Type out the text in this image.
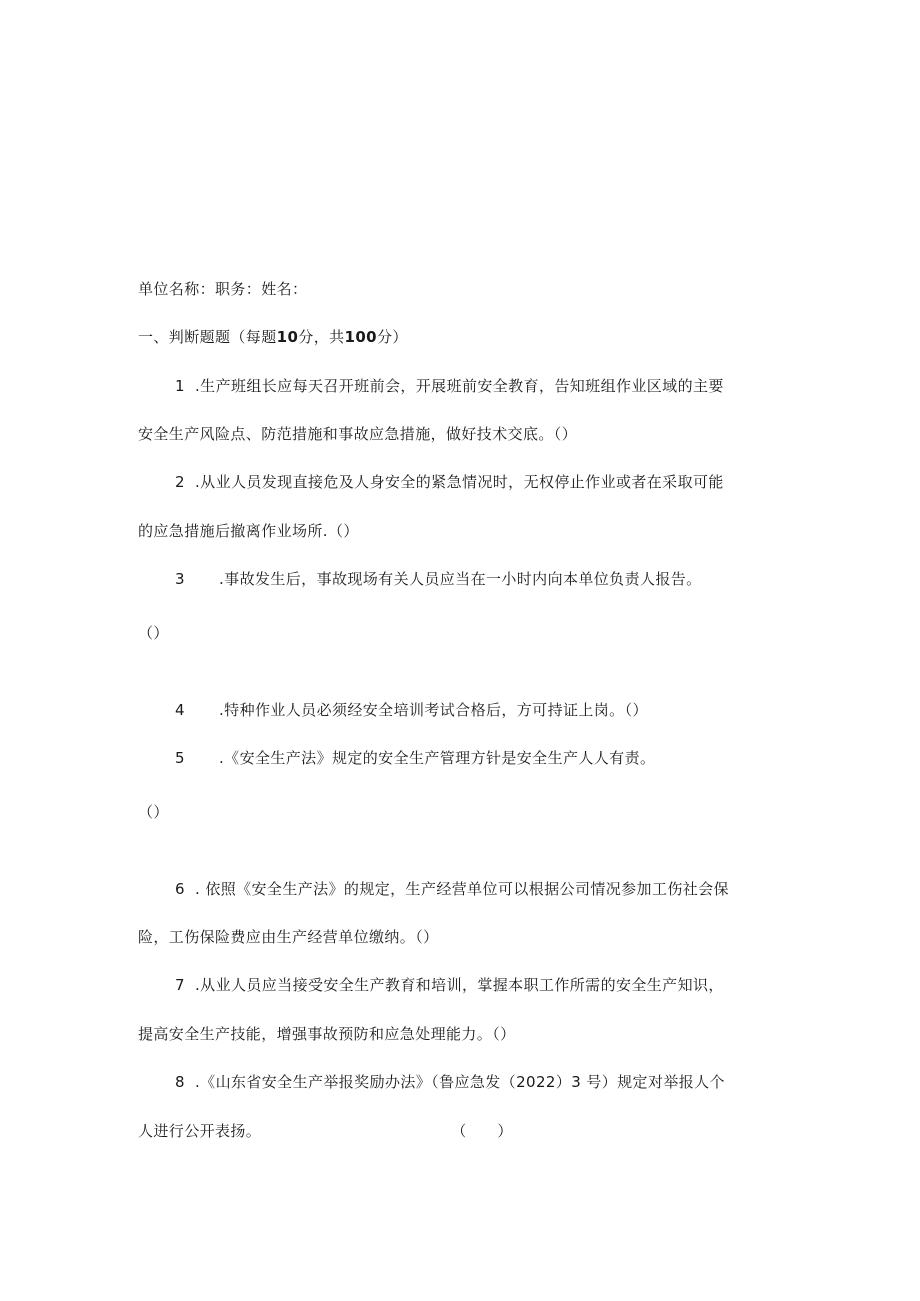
单位名称：职务：姓名：
一、判断题题（每题10分，共100分）
1 .生产班组长应每天召开班前会，开展班前安全教育，告知班组作业区域的主要
安全生产风险点、防范措施和事故应急措施，做好技术交底。（）
2 .从业人员发现直接危及人身安全的紧急情况时，无权停止作业或者在采取可能
的应急措施后撤离作业场所.（）
3 .事故发生后，事故现场有关人员应当在一小时内向本单位负责人报告。
（）
4 .特种作业人员必须经安全培训考试合格后，方可持证上岗。（）
5 .《安全生产法》规定的安全生产管理方针是安全生产人人有责。
（）
6 . 依照《安全生产法》的规定，生产经营单位可以根据公司情况参加工伤社会保
险，工伤保险费应由生产经营单位缴纳。（）
7 .从业人员应当接受安全生产教育和培训，掌握本职工作所需的安全生产知识，
提高安全生产技能，增强事故预防和应急处理能力。（）
8 .《山东省安全生产举报奖励办法》（鲁应急发（2022）3 号）规定对举报人个
人进行公开表扬。	（　　）
